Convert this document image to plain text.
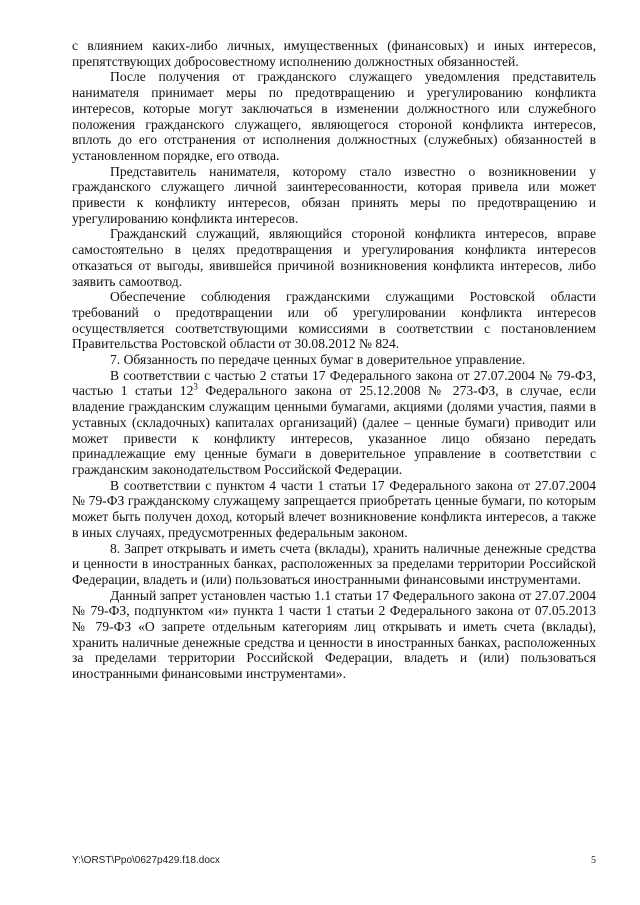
с влиянием каких-либо личных, имущественных (финансовых) и иных интересов, препятствующих добросовестному исполнению должностных обязанностей.

После получения от гражданского служащего уведомления представитель нанимателя принимает меры по предотвращению и урегулированию конфликта интересов, которые могут заключаться в изменении должностного или служебного положения гражданского служащего, являющегося стороной конфликта интересов, вплоть до его отстранения от исполнения должностных (служебных) обязанностей в установленном порядке, его отвода.

Представитель нанимателя, которому стало известно о возникновении у гражданского служащего личной заинтересованности, которая привела или может привести к конфликту интересов, обязан принять меры по предотвращению и урегулированию конфликта интересов.

Гражданский служащий, являющийся стороной конфликта интересов, вправе самостоятельно в целях предотвращения и урегулирования конфликта интересов отказаться от выгоды, явившейся причиной возникновения конфликта интересов, либо заявить самоотвод.

Обеспечение соблюдения гражданскими служащими Ростовской области требований о предотвращении или об урегулировании конфликта интересов осуществляется соответствующими комиссиями в соответствии с постановлением Правительства Ростовской области от 30.08.2012 № 824.

7. Обязанность по передаче ценных бумаг в доверительное управление.

В соответствии с частью 2 статьи 17 Федерального закона от 27.07.2004 № 79-ФЗ, частью 1 статьи $12^3$ Федерального закона от 25.12.2008 № 273-ФЗ, в случае, если владение гражданским служащим ценными бумагами, акциями (долями участия, паями в уставных (складочных) капиталах организаций) (далее – ценные бумаги) приводит или может привести к конфликту интересов, указанное лицо обязано передать принадлежащие ему ценные бумаги в доверительное управление в соответствии с гражданским законодательством Российской Федерации.

В соответствии с пунктом 4 части 1 статьи 17 Федерального закона от 27.07.2004 № 79-ФЗ гражданскому служащему запрещается приобретать ценные бумаги, по которым может быть получен доход, который влечет возникновение конфликта интересов, а также в иных случаях, предусмотренных федеральным законом.

8. Запрет открывать и иметь счета (вклады), хранить наличные денежные средства и ценности в иностранных банках, расположенных за пределами территории Российской Федерации, владеть и (или) пользоваться иностранными финансовыми инструментами.

Данный запрет установлен частью 1.1 статьи 17 Федерального закона от 27.07.2004 № 79-ФЗ, подпунктом «и» пункта 1 части 1 статьи 2 Федерального закона от 07.05.2013 № 79-ФЗ «О запрете отдельным категориям лиц открывать и иметь счета (вклады), хранить наличные денежные средства и ценности в иностранных банках, расположенных за пределами территории Российской Федерации, владеть и (или) пользоваться иностранными финансовыми инструментами».

Y:\ORST\Ppo\0627p429.f18.docx	5
